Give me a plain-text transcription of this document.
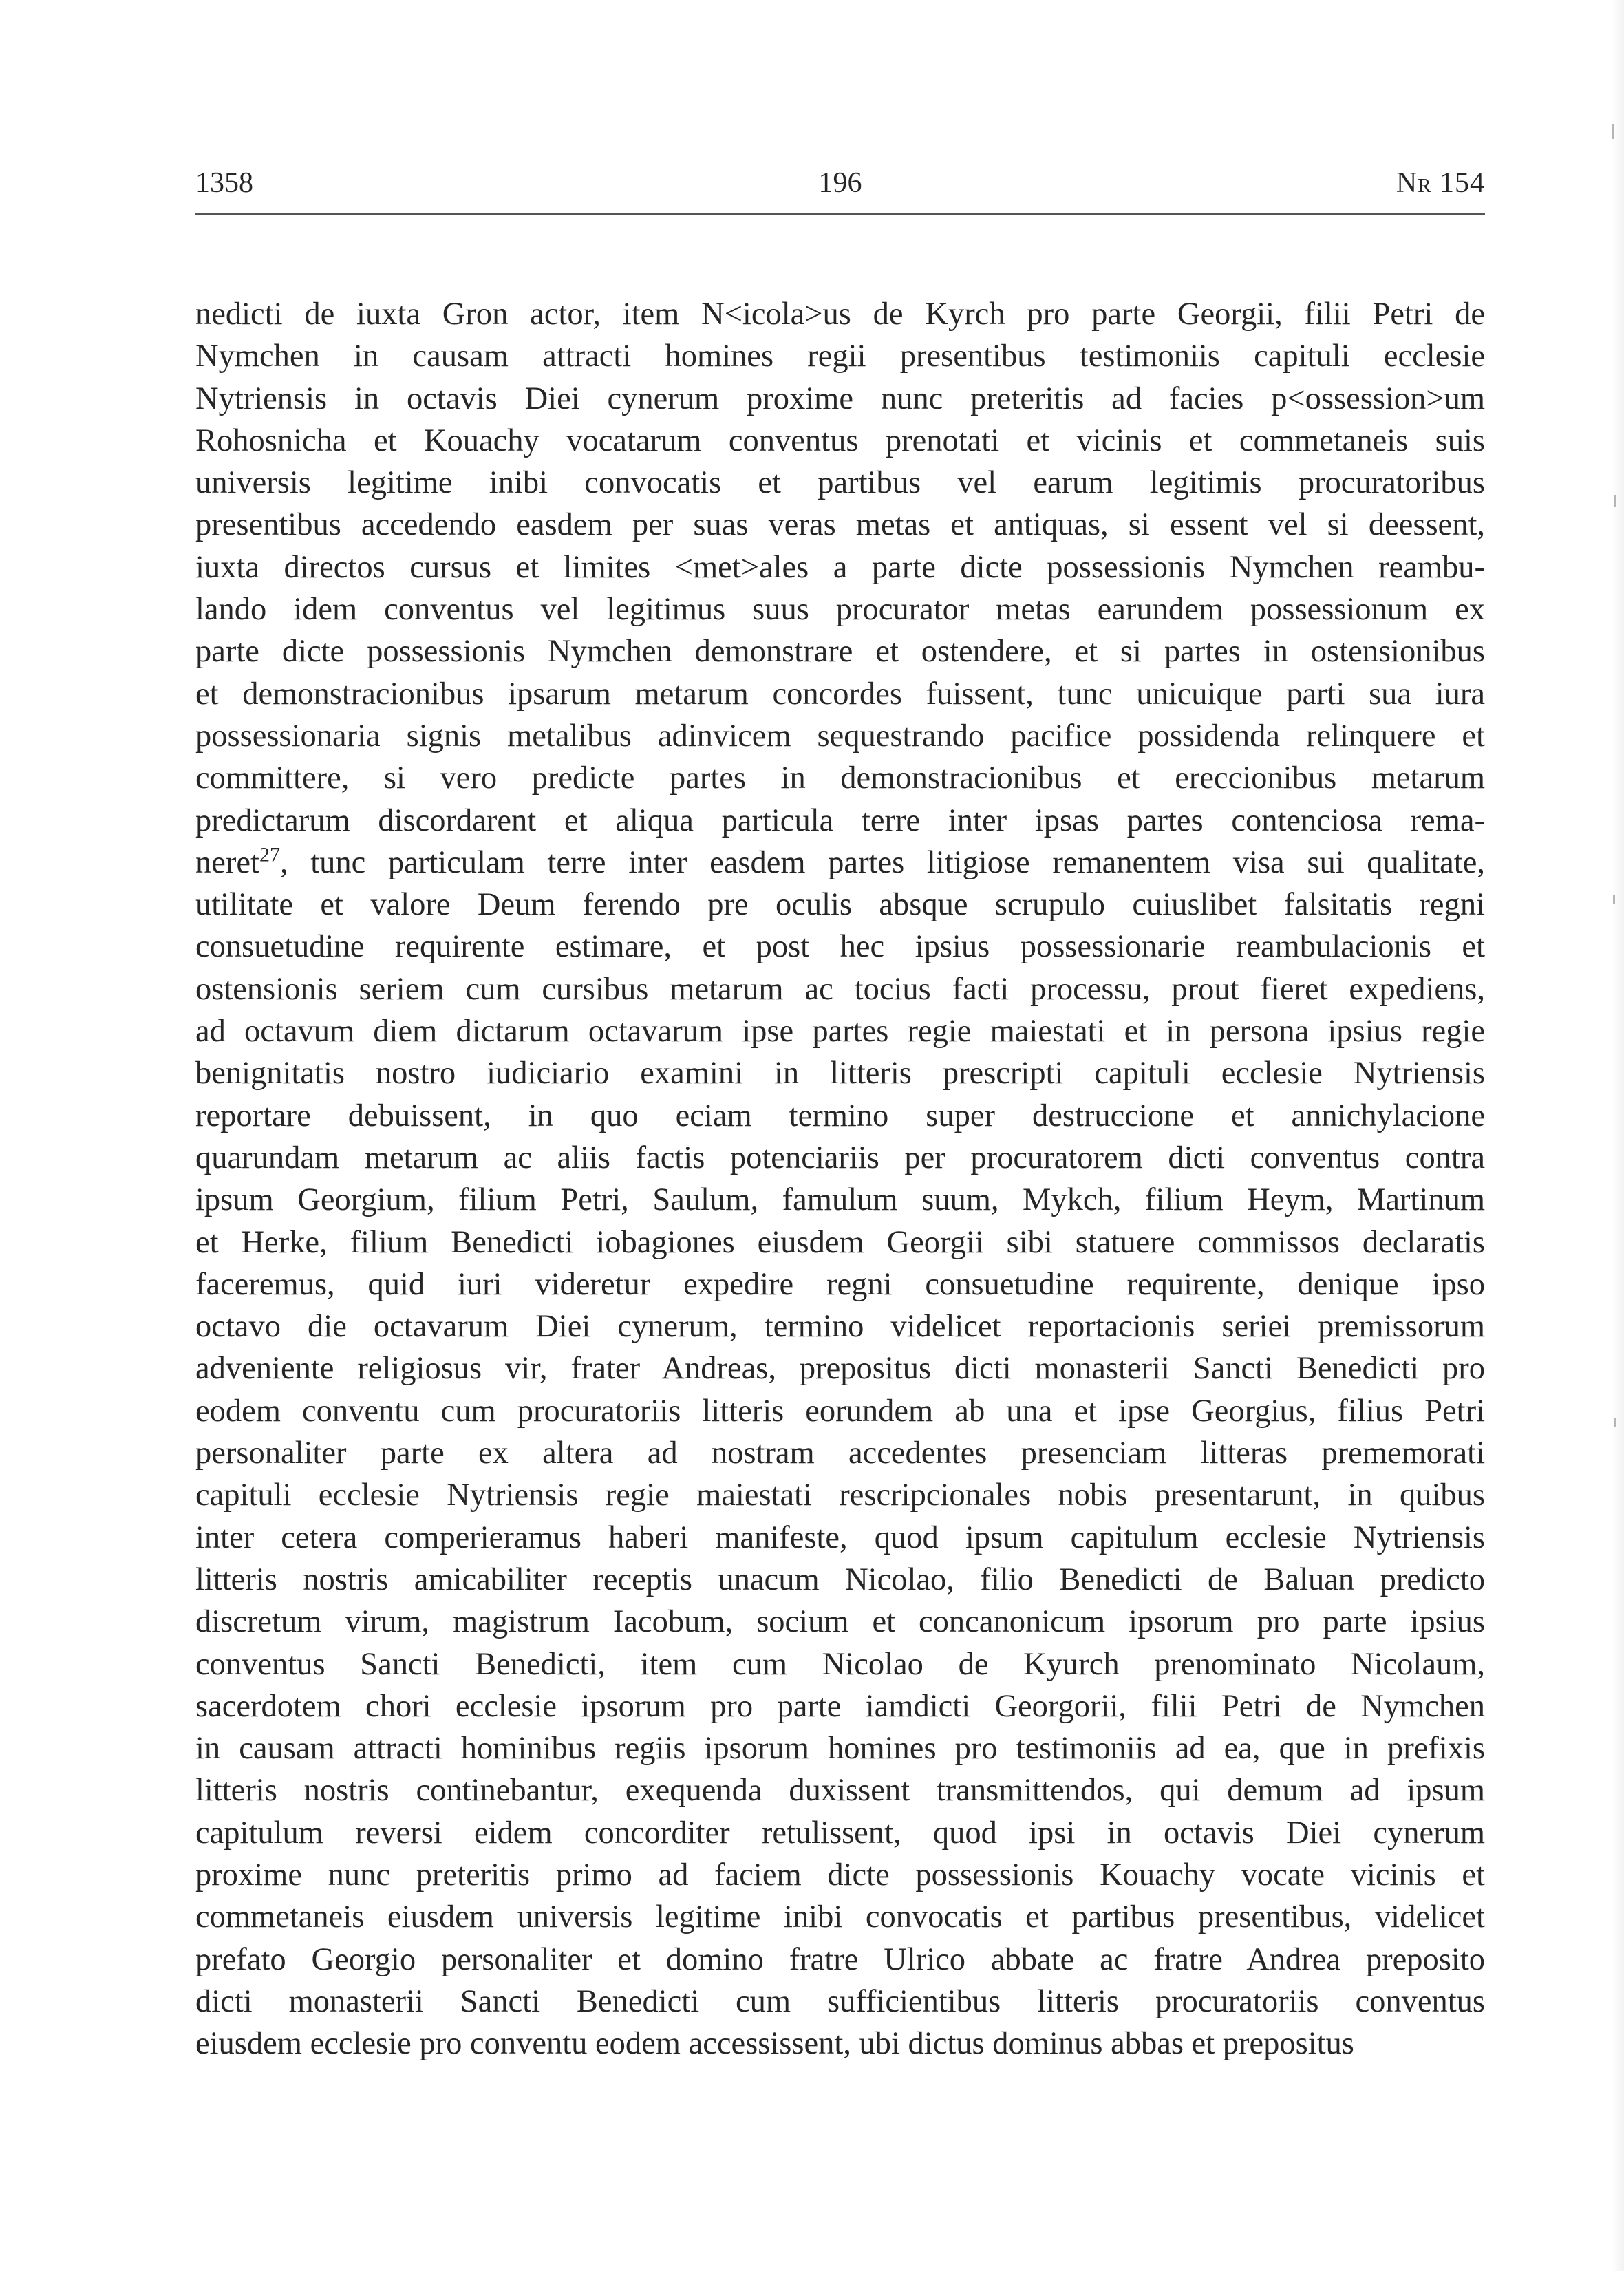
1358	196	Nr 154
nedicti de iuxta Gron actor, item N<icola>us de Kyrch pro parte Georgii, filii Petri de
Nymchen in causam attracti homines regii presentibus testimoniis capituli ecclesie
Nytriensis in octavis Diei cynerum proxime nunc preteritis ad facies p<ossession>um
Rohosnicha et Kouachy vocatarum conventus prenotati et vicinis et commetaneis suis
universis legitime inibi convocatis et partibus vel earum legitimis procuratoribus
presentibus accedendo easdem per suas veras metas et antiquas, si essent vel si deessent,
iuxta directos cursus et limites <met>ales a parte dicte possessionis Nymchen reambu-
lando idem conventus vel legitimus suus procurator metas earundem possessionum ex
parte dicte possessionis Nymchen demonstrare et ostendere, et si partes in ostensionibus
et demonstracionibus ipsarum metarum concordes fuissent, tunc unicuique parti sua iura
possessionaria signis metalibus adinvicem sequestrando pacifice possidenda relinquere et
committere, si vero predicte partes in demonstracionibus et ereccionibus metarum
predictarum discordarent et aliqua particula terre inter ipsas partes contenciosa rema-
neret$^{27}$, tunc particulam terre inter easdem partes litigiose remanentem visa sui qualitate,
utilitate et valore Deum ferendo pre oculis absque scrupulo cuiuslibet falsitatis regni
consuetudine requirente estimare, et post hec ipsius possessionarie reambulacionis et
ostensionis seriem cum cursibus metarum ac tocius facti processu, prout fieret expediens,
ad octavum diem dictarum octavarum ipse partes regie maiestati et in persona ipsius regie
benignitatis nostro iudiciario examini in litteris prescripti capituli ecclesie Nytriensis
reportare debuissent, in quo eciam termino super destruccione et annichylacione
quarundam metarum ac aliis factis potenciariis per procuratorem dicti conventus contra
ipsum Georgium, filium Petri, Saulum, famulum suum, Mykch, filium Heym, Martinum
et Herke, filium Benedicti iobagiones eiusdem Georgii sibi statuere commissos declaratis
faceremus, quid iuri videretur expedire regni consuetudine requirente, denique ipso
octavo die octavarum Diei cynerum, termino videlicet reportacionis seriei premissorum
adveniente religiosus vir, frater Andreas, prepositus dicti monasterii Sancti Benedicti pro
eodem conventu cum procuratoriis litteris eorundem ab una et ipse Georgius, filius Petri
personaliter parte ex altera ad nostram accedentes presenciam litteras prememorati
capituli ecclesie Nytriensis regie maiestati rescripcionales nobis presentarunt, in quibus
inter cetera comperieramus haberi manifeste, quod ipsum capitulum ecclesie Nytriensis
litteris nostris amicabiliter receptis unacum Nicolao, filio Benedicti de Baluan predicto
discretum virum, magistrum Iacobum, socium et concanonicum ipsorum pro parte ipsius
conventus Sancti Benedicti, item cum Nicolao de Kyurch prenominato Nicolaum,
sacerdotem chori ecclesie ipsorum pro parte iamdicti Georgorii, filii Petri de Nymchen
in causam attracti hominibus regiis ipsorum homines pro testimoniis ad ea, que in prefixis
litteris nostris continebantur, exequenda duxissent transmittendos, qui demum ad ipsum
capitulum reversi eidem concorditer retulissent, quod ipsi in octavis Diei cynerum
proxime nunc preteritis primo ad faciem dicte possessionis Kouachy vocate vicinis et
commetaneis eiusdem universis legitime inibi convocatis et partibus presentibus, videlicet
prefato Georgio personaliter et domino fratre Ulrico abbate ac fratre Andrea preposito
dicti monasterii Sancti Benedicti cum sufficientibus litteris procuratoriis conventus
eiusdem ecclesie pro conventu eodem accessissent, ubi dictus dominus abbas et prepositus
